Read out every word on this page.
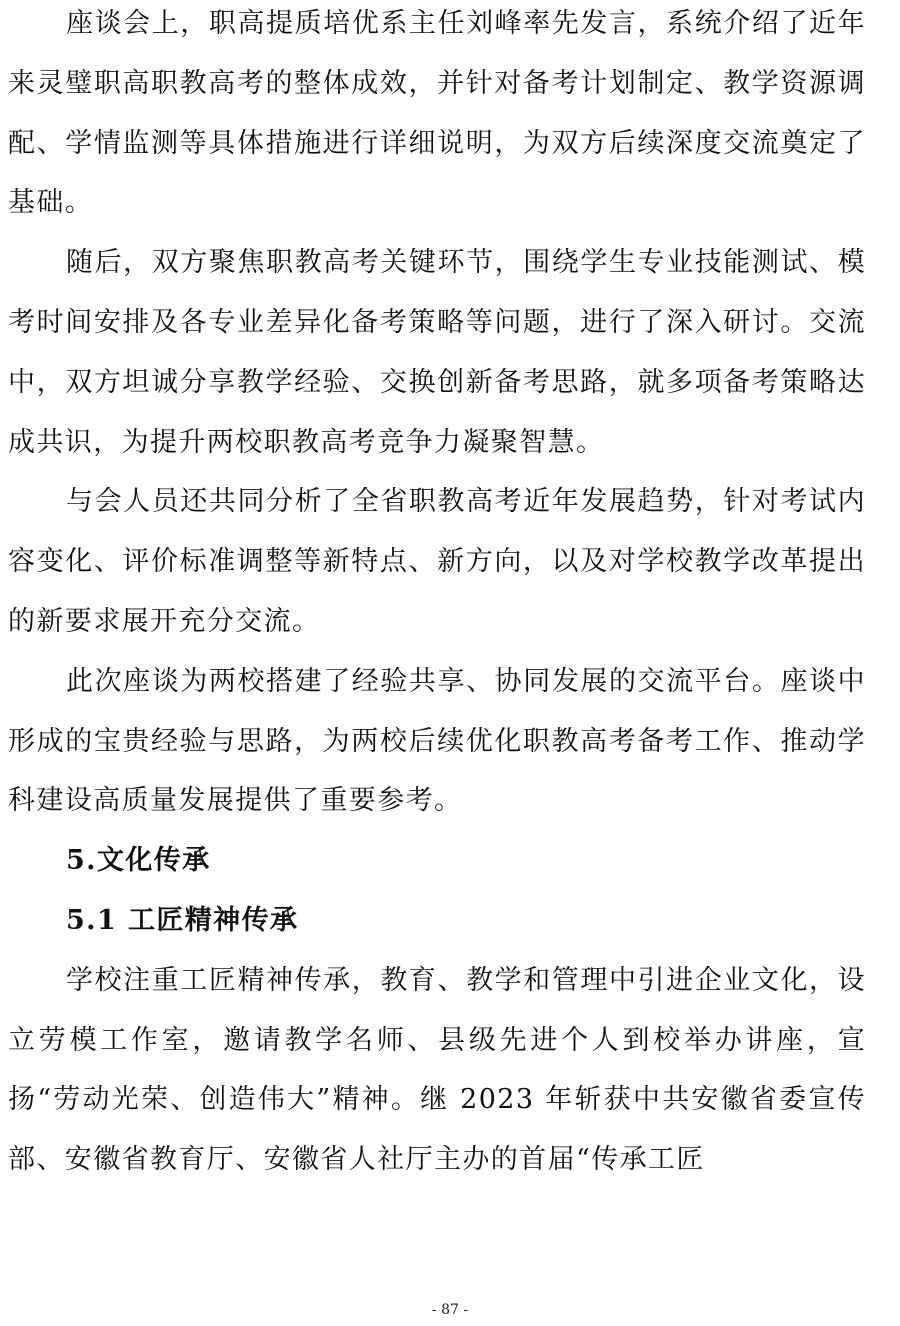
座谈会上，职高提质培优系主任刘峰率先发言，系统介绍了近年来灵璧职高职教高考的整体成效，并针对备考计划制定、教学资源调配、学情监测等具体措施进行详细说明，为双方后续深度交流奠定了基础。

随后，双方聚焦职教高考关键环节，围绕学生专业技能测试、模考时间安排及各专业差异化备考策略等问题，进行了深入研讨。交流中，双方坦诚分享教学经验、交换创新备考思路，就多项备考策略达成共识，为提升两校职教高考竞争力凝聚智慧。

与会人员还共同分析了全省职教高考近年发展趋势，针对考试内容变化、评价标准调整等新特点、新方向，以及对学校教学改革提出的新要求展开充分交流。

此次座谈为两校搭建了经验共享、协同发展的交流平台。座谈中形成的宝贵经验与思路，为两校后续优化职教高考备考工作、推动学科建设高质量发展提供了重要参考。

5.文化传承
5.1 工匠精神传承

学校注重工匠精神传承，教育、教学和管理中引进企业文化，设立劳模工作室，邀请教学名师、县级先进个人到校举办讲座，宣扬“劳动光荣、创造伟大”精神。继 2023 年斩获中共安徽省委宣传部、安徽省教育厅、安徽省人社厅主办的首届“传承工匠

- 87 -
